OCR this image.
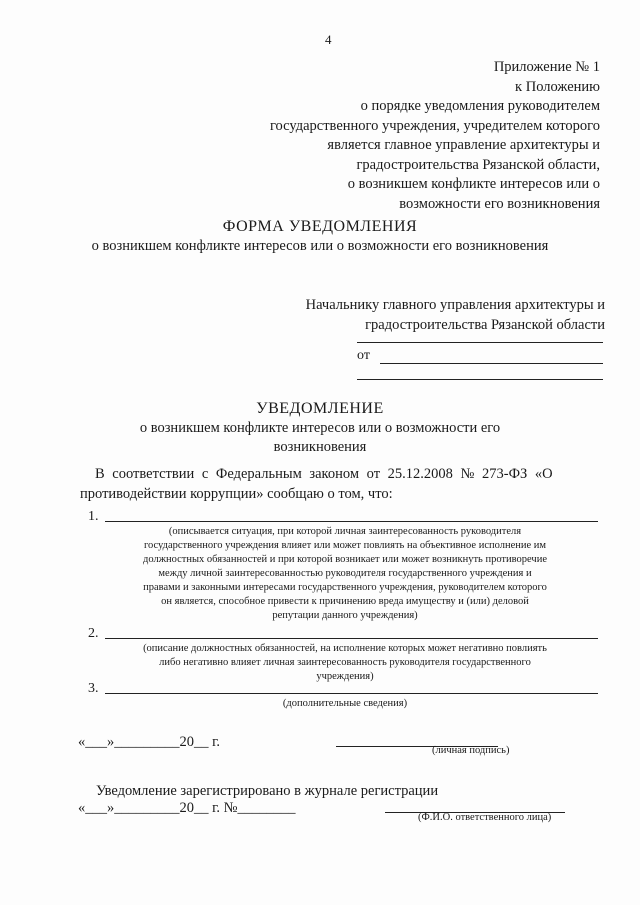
4
Приложение № 1
к Положению
о порядке уведомления руководителем
государственного учреждения, учредителем которого
является главное управление архитектуры и
градостроительства Рязанской области,
о возникшем конфликте интересов или о
возможности его возникновения
ФОРМА УВЕДОМЛЕНИЯ
о возникшем конфликте интересов или о возможности его возникновения
Начальнику главного управления архитектуры и
градостроительства Рязанской области
от
УВЕДОМЛЕНИЕ
о возникшем конфликте интересов или о возможности его возникновения
В соответствии с Федеральным законом от 25.12.2008 № 273-ФЗ «О
противодействии коррупции» сообщаю о том, что:
1.
(описывается ситуация, при которой личная заинтересованность руководителя государственного учреждения влияет или может повлиять на объективное исполнение им должностных обязанностей и при которой возникает или может возникнуть противоречие между личной заинтересованностью руководителя государственного учреждения и правами и законными интересами государственного учреждения, руководителем которого он является, способное привести к причинению вреда имуществу и (или) деловой репутации данного учреждения)
2.
(описание должностных обязанностей, на исполнение которых может негативно повлиять либо негативно влияет личная заинтересованность руководителя государственного учреждения)
3.
(дополнительные сведения)
«___»_________20__ г.
(личная подпись)
Уведомление зарегистрировано в журнале регистрации
«___»_________20__ г. №________
(Ф.И.О. ответственного лица)
